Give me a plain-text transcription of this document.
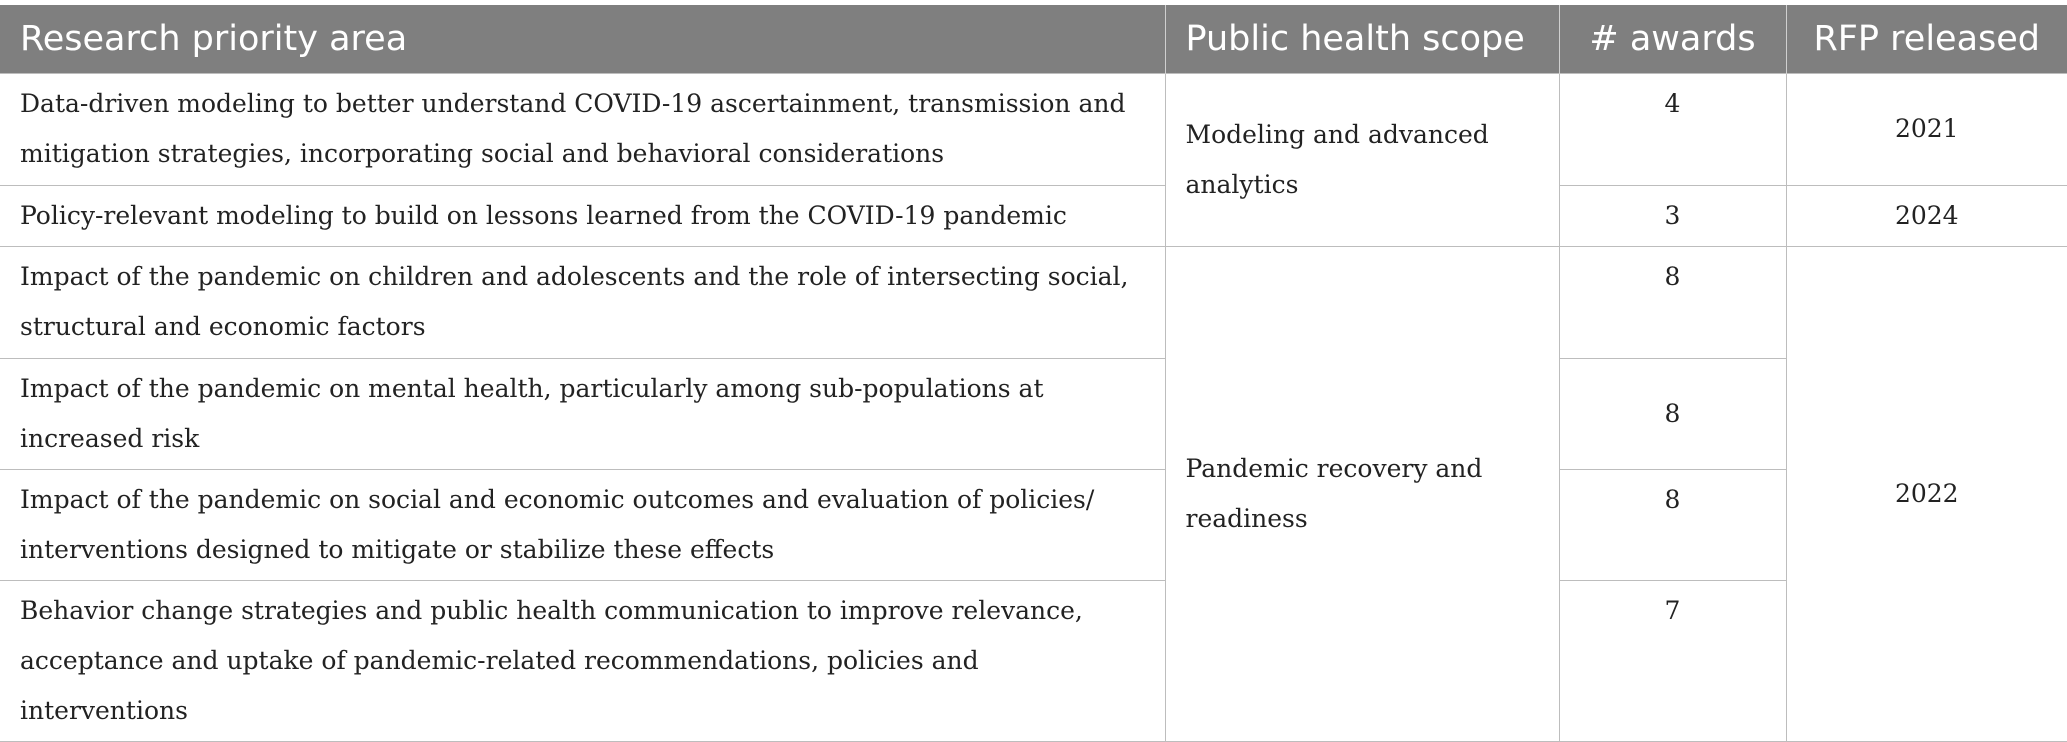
Research priority area	Public health scope	# awards	RFP released
Data-driven modeling to better understand COVID-19 ascertainment, transmission and mitigation strategies, incorporating social and behavioral considerations	Modeling and advanced analytics	4	2021
Policy-relevant modeling to build on lessons learned from the COVID-19 pandemic		3	2024
Impact of the pandemic on children and adolescents and the role of intersecting social, structural and economic factors	Pandemic recovery and readiness	8	2022
Impact of the pandemic on mental health, particularly among sub-populations at increased risk		8	
Impact of the pandemic on social and economic outcomes and evaluation of policies/ interventions designed to mitigate or stabilize these effects		8	
Behavior change strategies and public health communication to improve relevance, acceptance and uptake of pandemic-related recommendations, policies and interventions		7	
